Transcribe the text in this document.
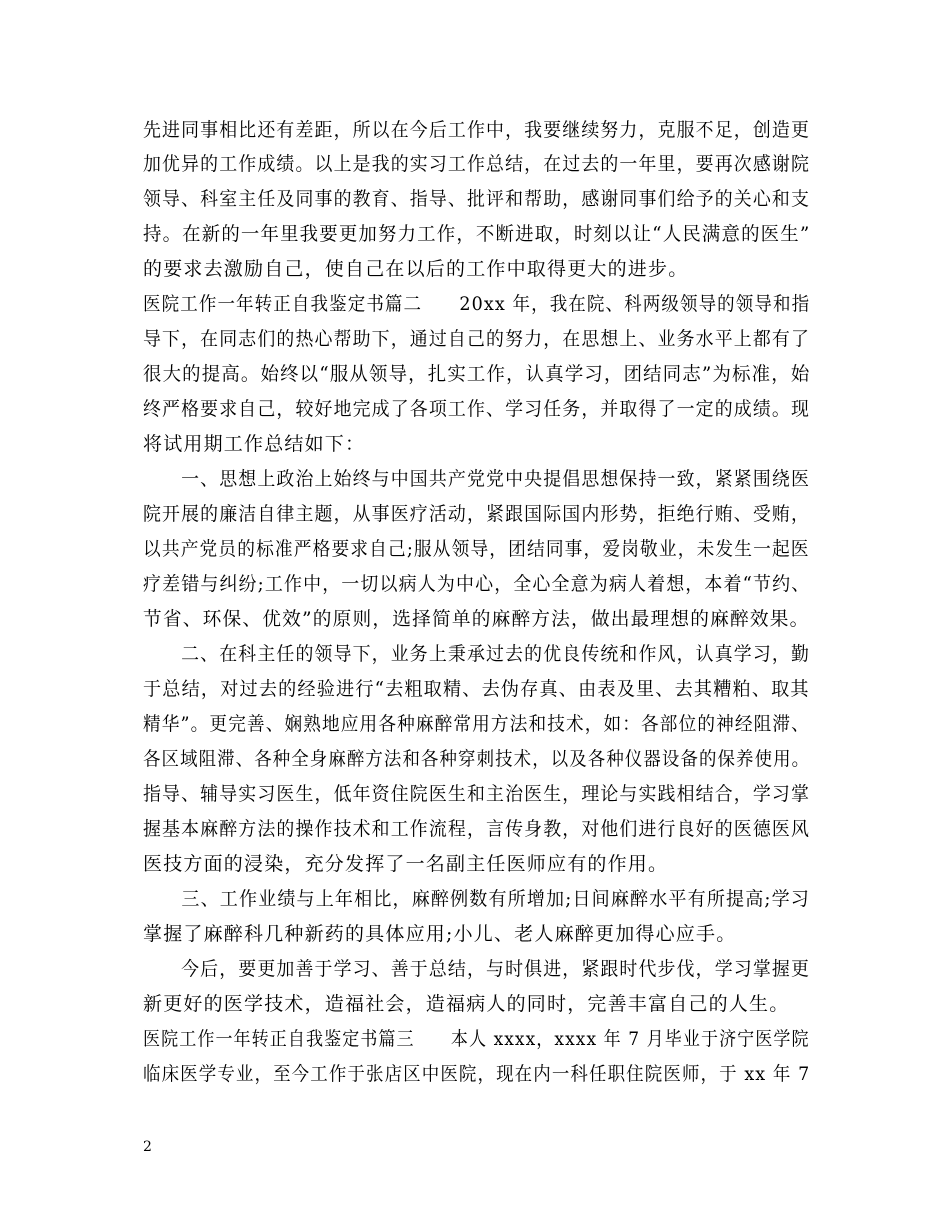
先进同事相比还有差距，所以在今后工作中，我要继续努力，克服不足，创造更
加优异的工作成绩。以上是我的实习工作总结，在过去的一年里，要再次感谢院
领导、科室主任及同事的教育、指导、批评和帮助，感谢同事们给予的关心和支
持。在新的一年里我要更加努力工作，不断进取，时刻以让“人民满意的医生”
的要求去激励自己，使自己在以后的工作中取得更大的进步。
医院工作一年转正自我鉴定书篇二　　20xx 年，我在院、科两级领导的领导和指
导下，在同志们的热心帮助下，通过自己的努力，在思想上、业务水平上都有了
很大的提高。始终以“服从领导，扎实工作，认真学习，团结同志”为标准，始
终严格要求自己，较好地完成了各项工作、学习任务，并取得了一定的成绩。现
将试用期工作总结如下：
　　一、思想上政治上始终与中国共产党党中央提倡思想保持一致，紧紧围绕医
院开展的廉洁自律主题，从事医疗活动，紧跟国际国内形势，拒绝行贿、受贿，
以共产党员的标准严格要求自己;服从领导，团结同事，爱岗敬业，未发生一起医
疗差错与纠纷;工作中，一切以病人为中心，全心全意为病人着想，本着“节约、
节省、环保、优效”的原则，选择简单的麻醉方法，做出最理想的麻醉效果。
　　二、在科主任的领导下，业务上秉承过去的优良传统和作风，认真学习，勤
于总结，对过去的经验进行“去粗取精、去伪存真、由表及里、去其糟粕、取其
精华”。更完善、娴熟地应用各种麻醉常用方法和技术，如：各部位的神经阻滞、
各区域阻滞、各种全身麻醉方法和各种穿刺技术，以及各种仪器设备的保养使用。
指导、辅导实习医生，低年资住院医生和主治医生，理论与实践相结合，学习掌
握基本麻醉方法的操作技术和工作流程，言传身教，对他们进行良好的医德医风
医技方面的浸染，充分发挥了一名副主任医师应有的作用。
　　三、工作业绩与上年相比，麻醉例数有所增加;日间麻醉水平有所提高;学习
掌握了麻醉科几种新药的具体应用;小儿、老人麻醉更加得心应手。
　　今后，要更加善于学习、善于总结，与时俱进，紧跟时代步伐，学习掌握更
新更好的医学技术，造福社会，造福病人的同时，完善丰富自己的人生。
医院工作一年转正自我鉴定书篇三　　本人 xxxx，xxxx 年 7 月毕业于济宁医学院
临床医学专业，至今工作于张店区中医院，现在内一科任职住院医师，于 xx 年 7
2
